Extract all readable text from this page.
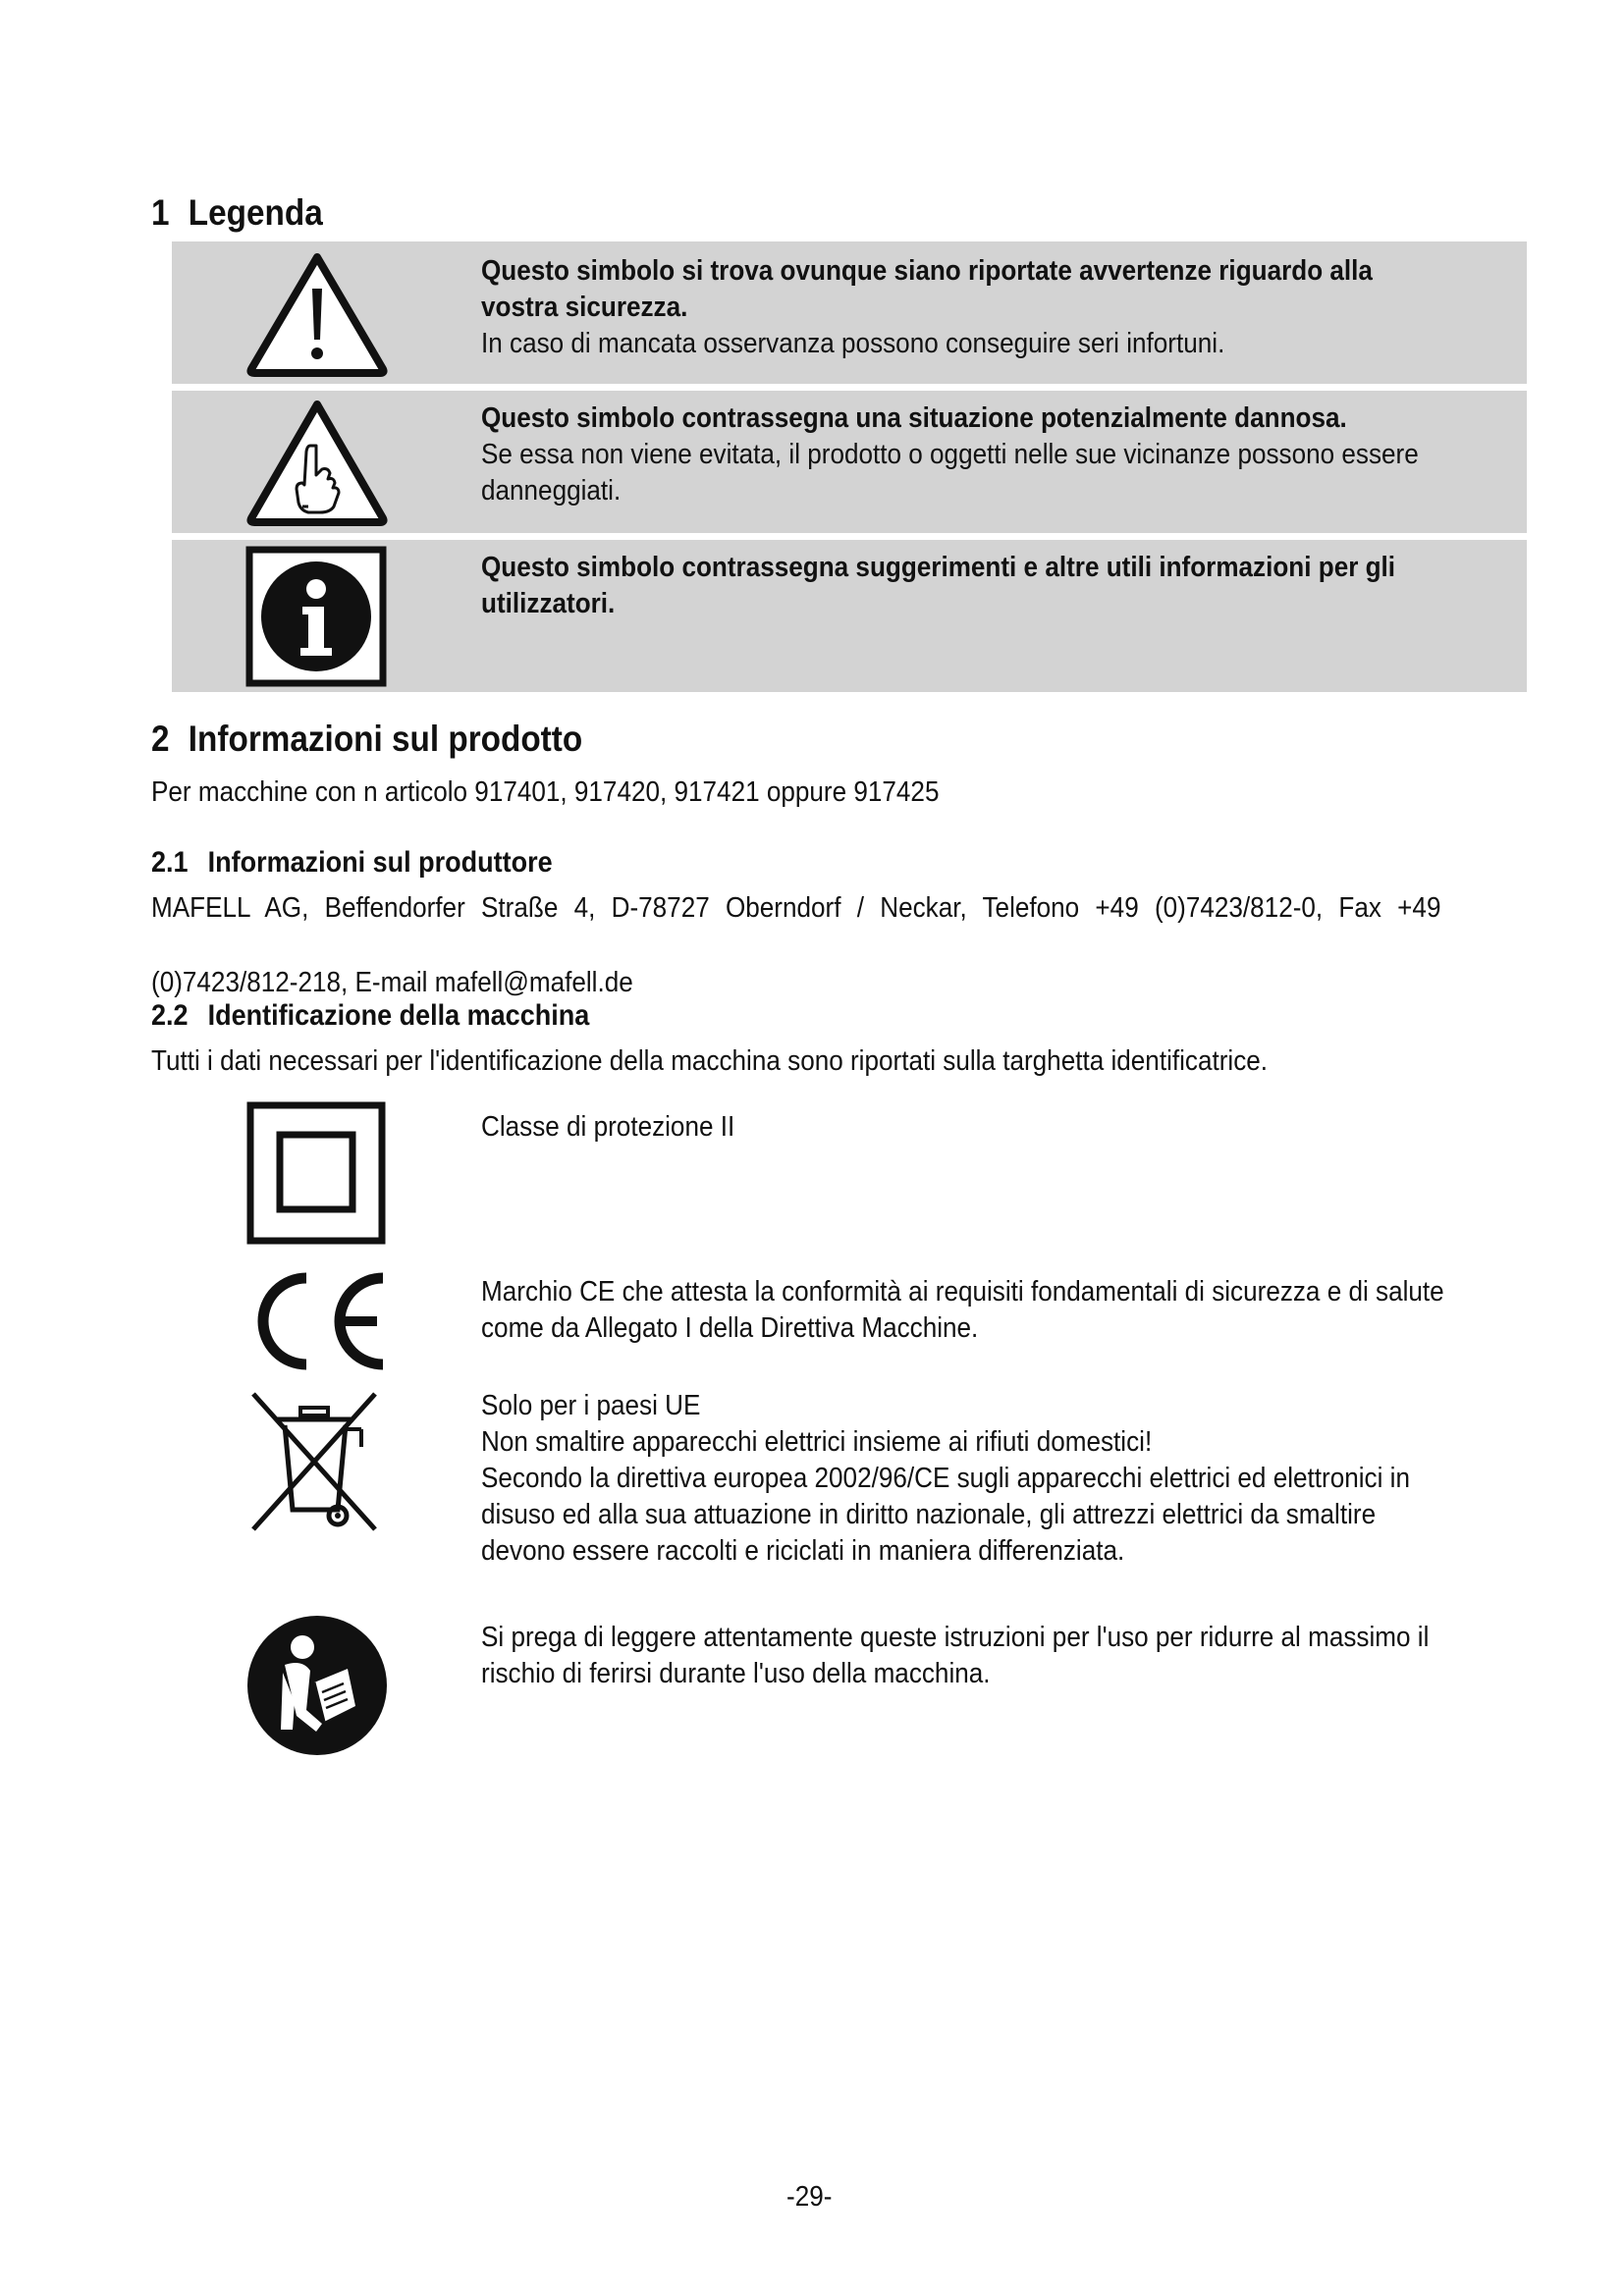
1 Legenda
Questo simbolo si trova ovunque siano riportate avvertenze riguardo alla
vostra sicurezza.
In caso di mancata osservanza possono conseguire seri infortuni.
Questo simbolo contrassegna una situazione potenzialmente dannosa.
Se essa non viene evitata, il prodotto o oggetti nelle sue vicinanze possono essere
danneggiati.
Questo simbolo contrassegna suggerimenti e altre utili informazioni per gli
utilizzatori.
2 Informazioni sul prodotto
Per macchine con n articolo 917401, 917420, 917421 oppure 917425
2.1 Informazioni sul produttore
MAFELL AG, Beffendorfer Straße 4, D-78727 Oberndorf / Neckar, Telefono +49 (0)7423/812-0, Fax +49

(0)7423/812-218, E-mail mafell@mafell.de
2.2 Identificazione della macchina
Tutti i dati necessari per l'identificazione della macchina sono riportati sulla targhetta identificatrice.
Classe di protezione II
Marchio CE che attesta la conformità ai requisiti fondamentali di sicurezza e di salute
come da Allegato I della Direttiva Macchine.
Solo per i paesi UE
Non smaltire apparecchi elettrici insieme ai rifiuti domestici!
Secondo la direttiva europea 2002/96/CE sugli apparecchi elettrici ed elettronici in
disuso ed alla sua attuazione in diritto nazionale, gli attrezzi elettrici da smaltire
devono essere raccolti e riciclati in maniera differenziata.
Si prega di leggere attentamente queste istruzioni per l'uso per ridurre al massimo il
rischio di ferirsi durante l'uso della macchina.
-29-
